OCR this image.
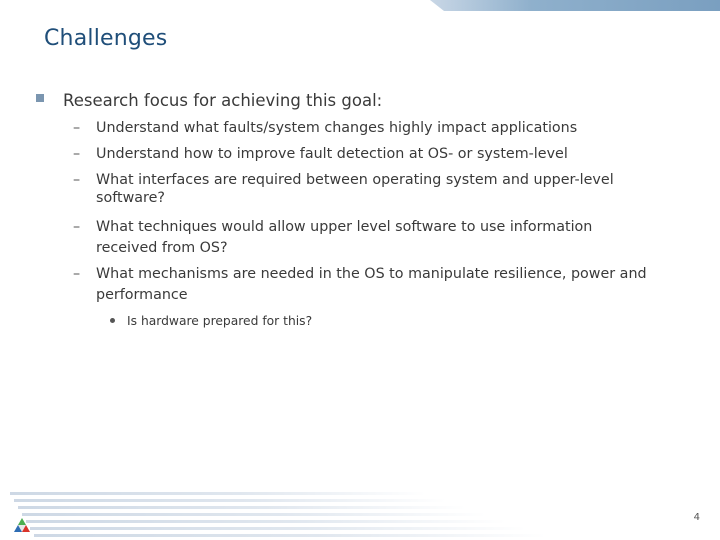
Challenges
Research focus for achieving this goal:
–	Understand what faults/system changes highly impact applications
–	Understand how to improve fault detection at OS- or system-level
–	What interfaces are required between operating system and upper-level
software?
–	What techniques would allow upper level software to use information
received from OS?
–	What mechanisms are needed in the OS to manipulate resilience, power and
performance
Is hardware prepared for this?
4
